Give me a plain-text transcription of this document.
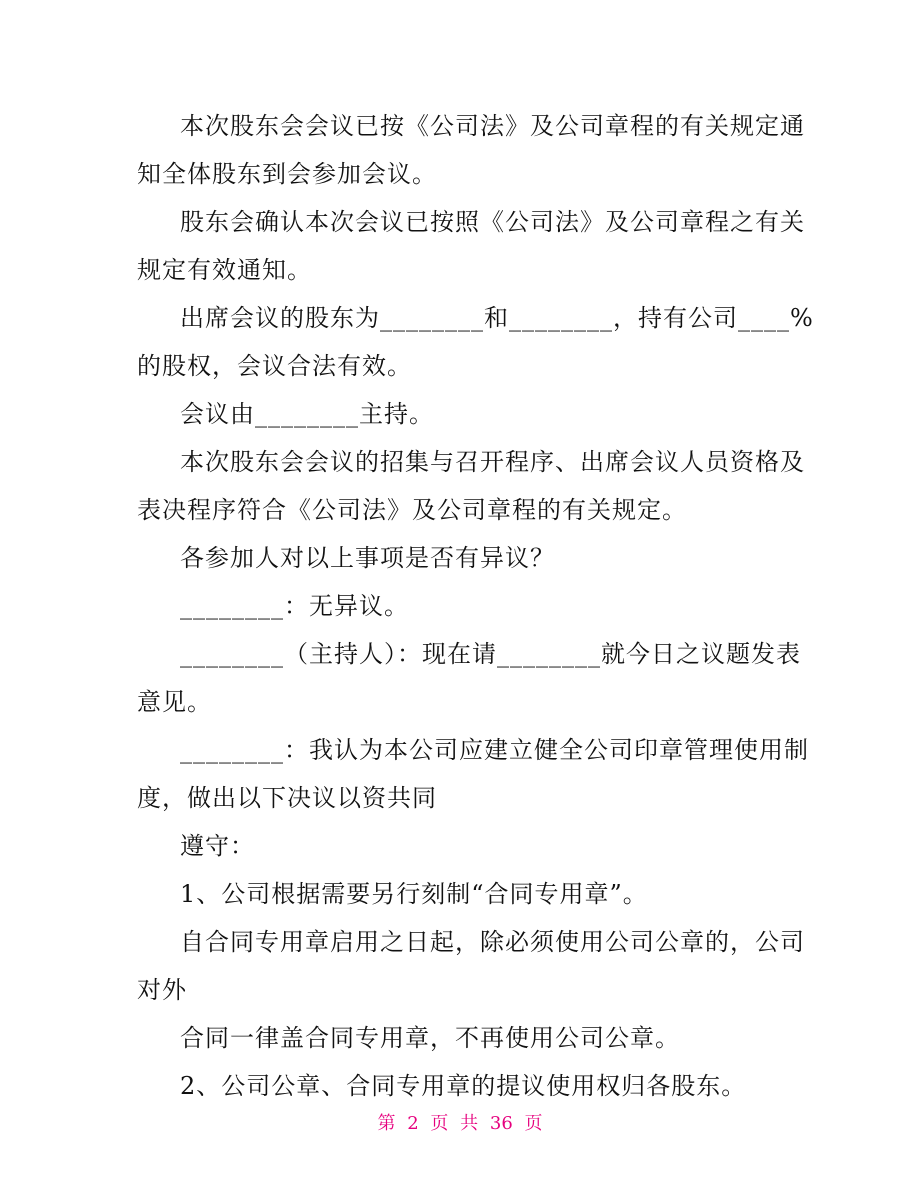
本次股东会会议已按《公司法》及公司章程的有关规定通
知全体股东到会参加会议。
股东会确认本次会议已按照《公司法》及公司章程之有关
规定有效通知。
出席会议的股东为________和________，持有公司____%
的股权，会议合法有效。
会议由________主持。
本次股东会会议的招集与召开程序、出席会议人员资格及
表决程序符合《公司法》及公司章程的有关规定。
各参加人对以上事项是否有异议？
________：无异议。
________（主持人）：现在请________就今日之议题发表
意见。
________：我认为本公司应建立健全公司印章管理使用制
度，做出以下决议以资共同
遵守：
1、公司根据需要另行刻制“合同专用章”。
自合同专用章启用之日起，除必须使用公司公章的，公司
对外
合同一律盖合同专用章，不再使用公司公章。
2、公司公章、合同专用章的提议使用权归各股东。
第 2 页 共 36 页
